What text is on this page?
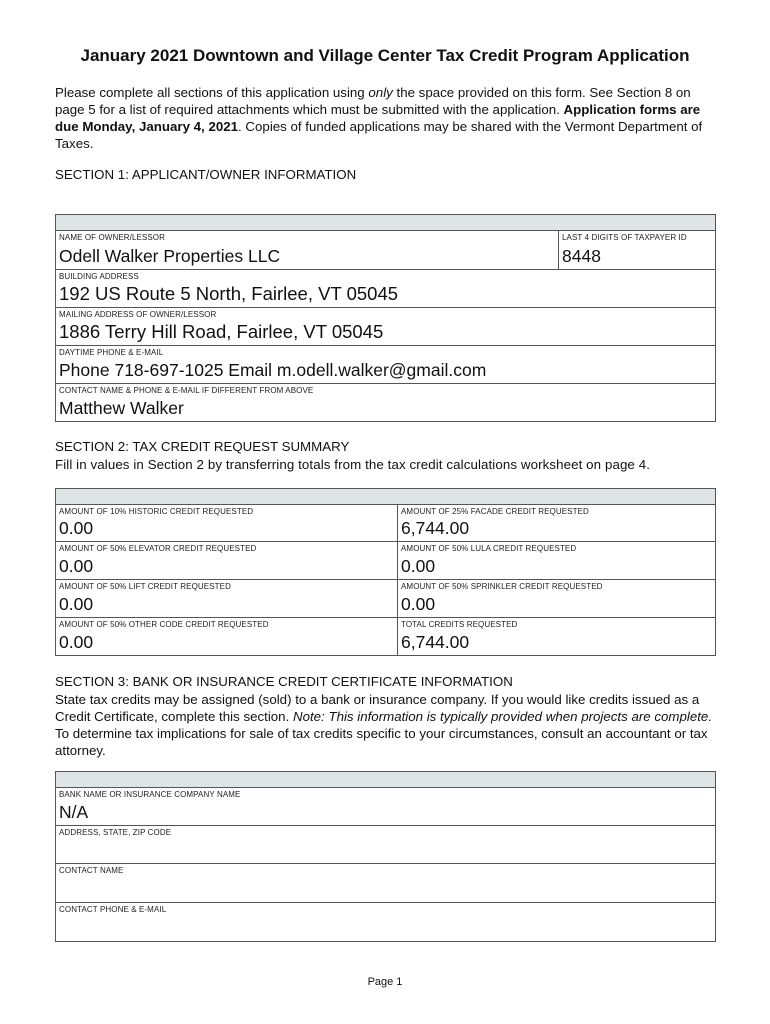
January 2021 Downtown and Village Center Tax Credit Program Application
Please complete all sections of this application using only the space provided on this form. See Section 8 on page 5 for a list of required attachments which must be submitted with the application. Application forms are due Monday, January 4, 2021. Copies of funded applications may be shared with the Vermont Department of Taxes.
SECTION 1: APPLICANT/OWNER INFORMATION
NAME OF OWNER/LESSOR
Odell Walker Properties LLC
LAST 4 DIGITS OF TAXPAYER ID
8448
BUILDING ADDRESS
192 US Route 5 North, Fairlee, VT 05045
MAILING ADDRESS OF OWNER/LESSOR
1886 Terry Hill Road, Fairlee, VT 05045
DAYTIME PHONE & E-MAIL
Phone 718-697-1025 Email m.odell.walker@gmail.com
CONTACT NAME & PHONE & E-MAIL IF DIFFERENT FROM ABOVE
Matthew Walker
SECTION 2: TAX CREDIT REQUEST SUMMARY
Fill in values in Section 2 by transferring totals from the tax credit calculations worksheet on page 4.
AMOUNT OF 10% HISTORIC CREDIT REQUESTED
0.00
AMOUNT OF 25% FACADE CREDIT REQUESTED
6,744.00
AMOUNT OF 50% ELEVATOR CREDIT REQUESTED
0.00
AMOUNT OF 50% LULA CREDIT REQUESTED
0.00
AMOUNT OF 50% LIFT CREDIT REQUESTED
0.00
AMOUNT OF 50% SPRINKLER CREDIT REQUESTED
0.00
AMOUNT OF 50% OTHER CODE CREDIT REQUESTED
0.00
TOTAL CREDITS REQUESTED
6,744.00
SECTION 3: BANK OR INSURANCE CREDIT CERTIFICATE INFORMATION
State tax credits may be assigned (sold) to a bank or insurance company. If you would like credits issued as a Credit Certificate, complete this section. Note: This information is typically provided when projects are complete. To determine tax implications for sale of tax credits specific to your circumstances, consult an accountant or tax attorney.
BANK NAME OR INSURANCE COMPANY NAME
N/A
ADDRESS, STATE, ZIP CODE
CONTACT NAME
CONTACT PHONE & E-MAIL
Page 1
